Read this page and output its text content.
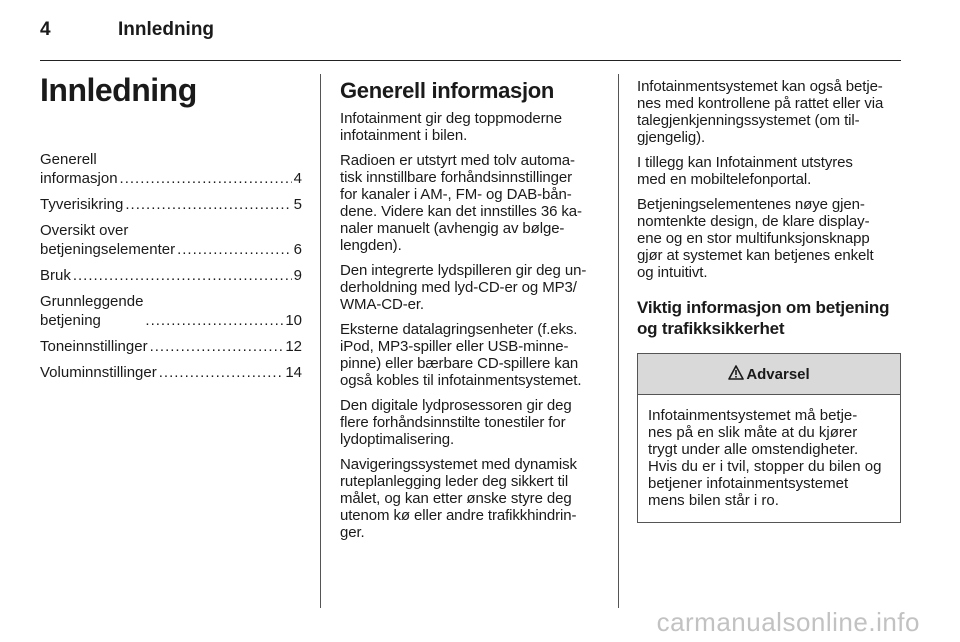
4	Innledning
Innledning
Generell informasjon .....	4
Tyverisikring .....	5
Oversikt over
betjeningselementer .....	6
Bruk .....	9
Grunnleggende betjening .....	10
Toneinnstillinger .....	12
Voluminnstillinger .....	14
Generell informasjon

Infotainment gir deg toppmoderne
infotainment i bilen.

Radioen er utstyrt med tolv automa-
tisk innstillbare forhåndsinnstillinger
for kanaler i AM-, FM- og DAB-bån-
dene. Videre kan det innstilles 36 ka-
naler manuelt (avhengig av bølge-
lengden).

Den integrerte lydspilleren gir deg un-
derholdning med lyd-CD-er og MP3/
WMA-CD-er.

Eksterne datalagringsenheter (f.eks.
iPod, MP3-spiller eller USB-minne-
pinne) eller bærbare CD-spillere kan
også kobles til infotainmentsystemet.

Den digitale lydprosessoren gir deg
flere forhåndsinnstilte tonestiler for
lydoptimalisering.

Navigeringssystemet med dynamisk
ruteplanlegging leder deg sikkert til
målet, og kan etter ønske styre deg
utenom kø eller andre trafikkhindrin-
ger.

Infotainmentsystemet kan også betje-
nes med kontrollene på rattet eller via
talegjenkjenningssystemet (om til-
gjengelig).

I tillegg kan Infotainment utstyres
med en mobiltelefonportal.

Betjeningselementenes nøye gjen-
nomtenkte design, de klare display-
ene og en stor multifunksjonsknapp
gjør at systemet kan betjenes enkelt
og intuitivt.

Viktig informasjon om betjening
og trafikksikkerhet
Advarsel
Infotainmentsystemet må betje-
nes på en slik måte at du kjører
trygt under alle omstendigheter.
Hvis du er i tvil, stopper du bilen og
betjener infotainmentsystemet
mens bilen står i ro.
carmanualsonline.info
